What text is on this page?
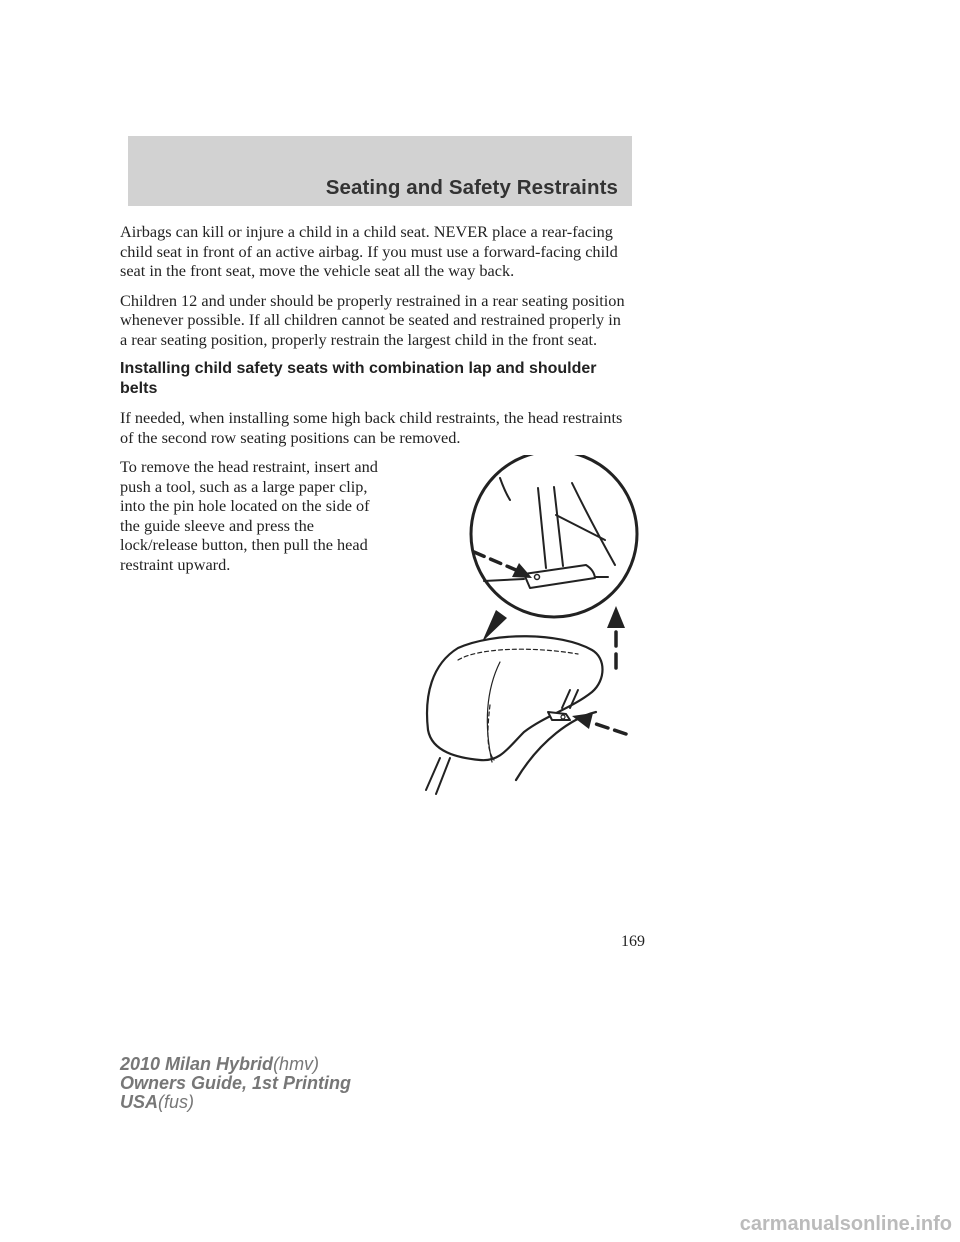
Seating and Safety Restraints

Airbags can kill or injure a child in a child seat. NEVER place a rear-facing child seat in front of an active airbag. If you must use a forward-facing child seat in the front seat, move the vehicle seat all the way back.

Children 12 and under should be properly restrained in a rear seating position whenever possible. If all children cannot be seated and restrained properly in a rear seating position, properly restrain the largest child in the front seat.

Installing child safety seats with combination lap and shoulder belts

If needed, when installing some high back child restraints, the head restraints of the second row seating positions can be removed.

To remove the head restraint, insert and push a tool, such as a large paper clip, into the pin hole located on the side of the guide sleeve and press the lock/release button, then pull the head restraint upward.

169
2010 Milan Hybrid(hmv)
Owners Guide, 1st Printing
USA(fus)
carmanualsonline.info
